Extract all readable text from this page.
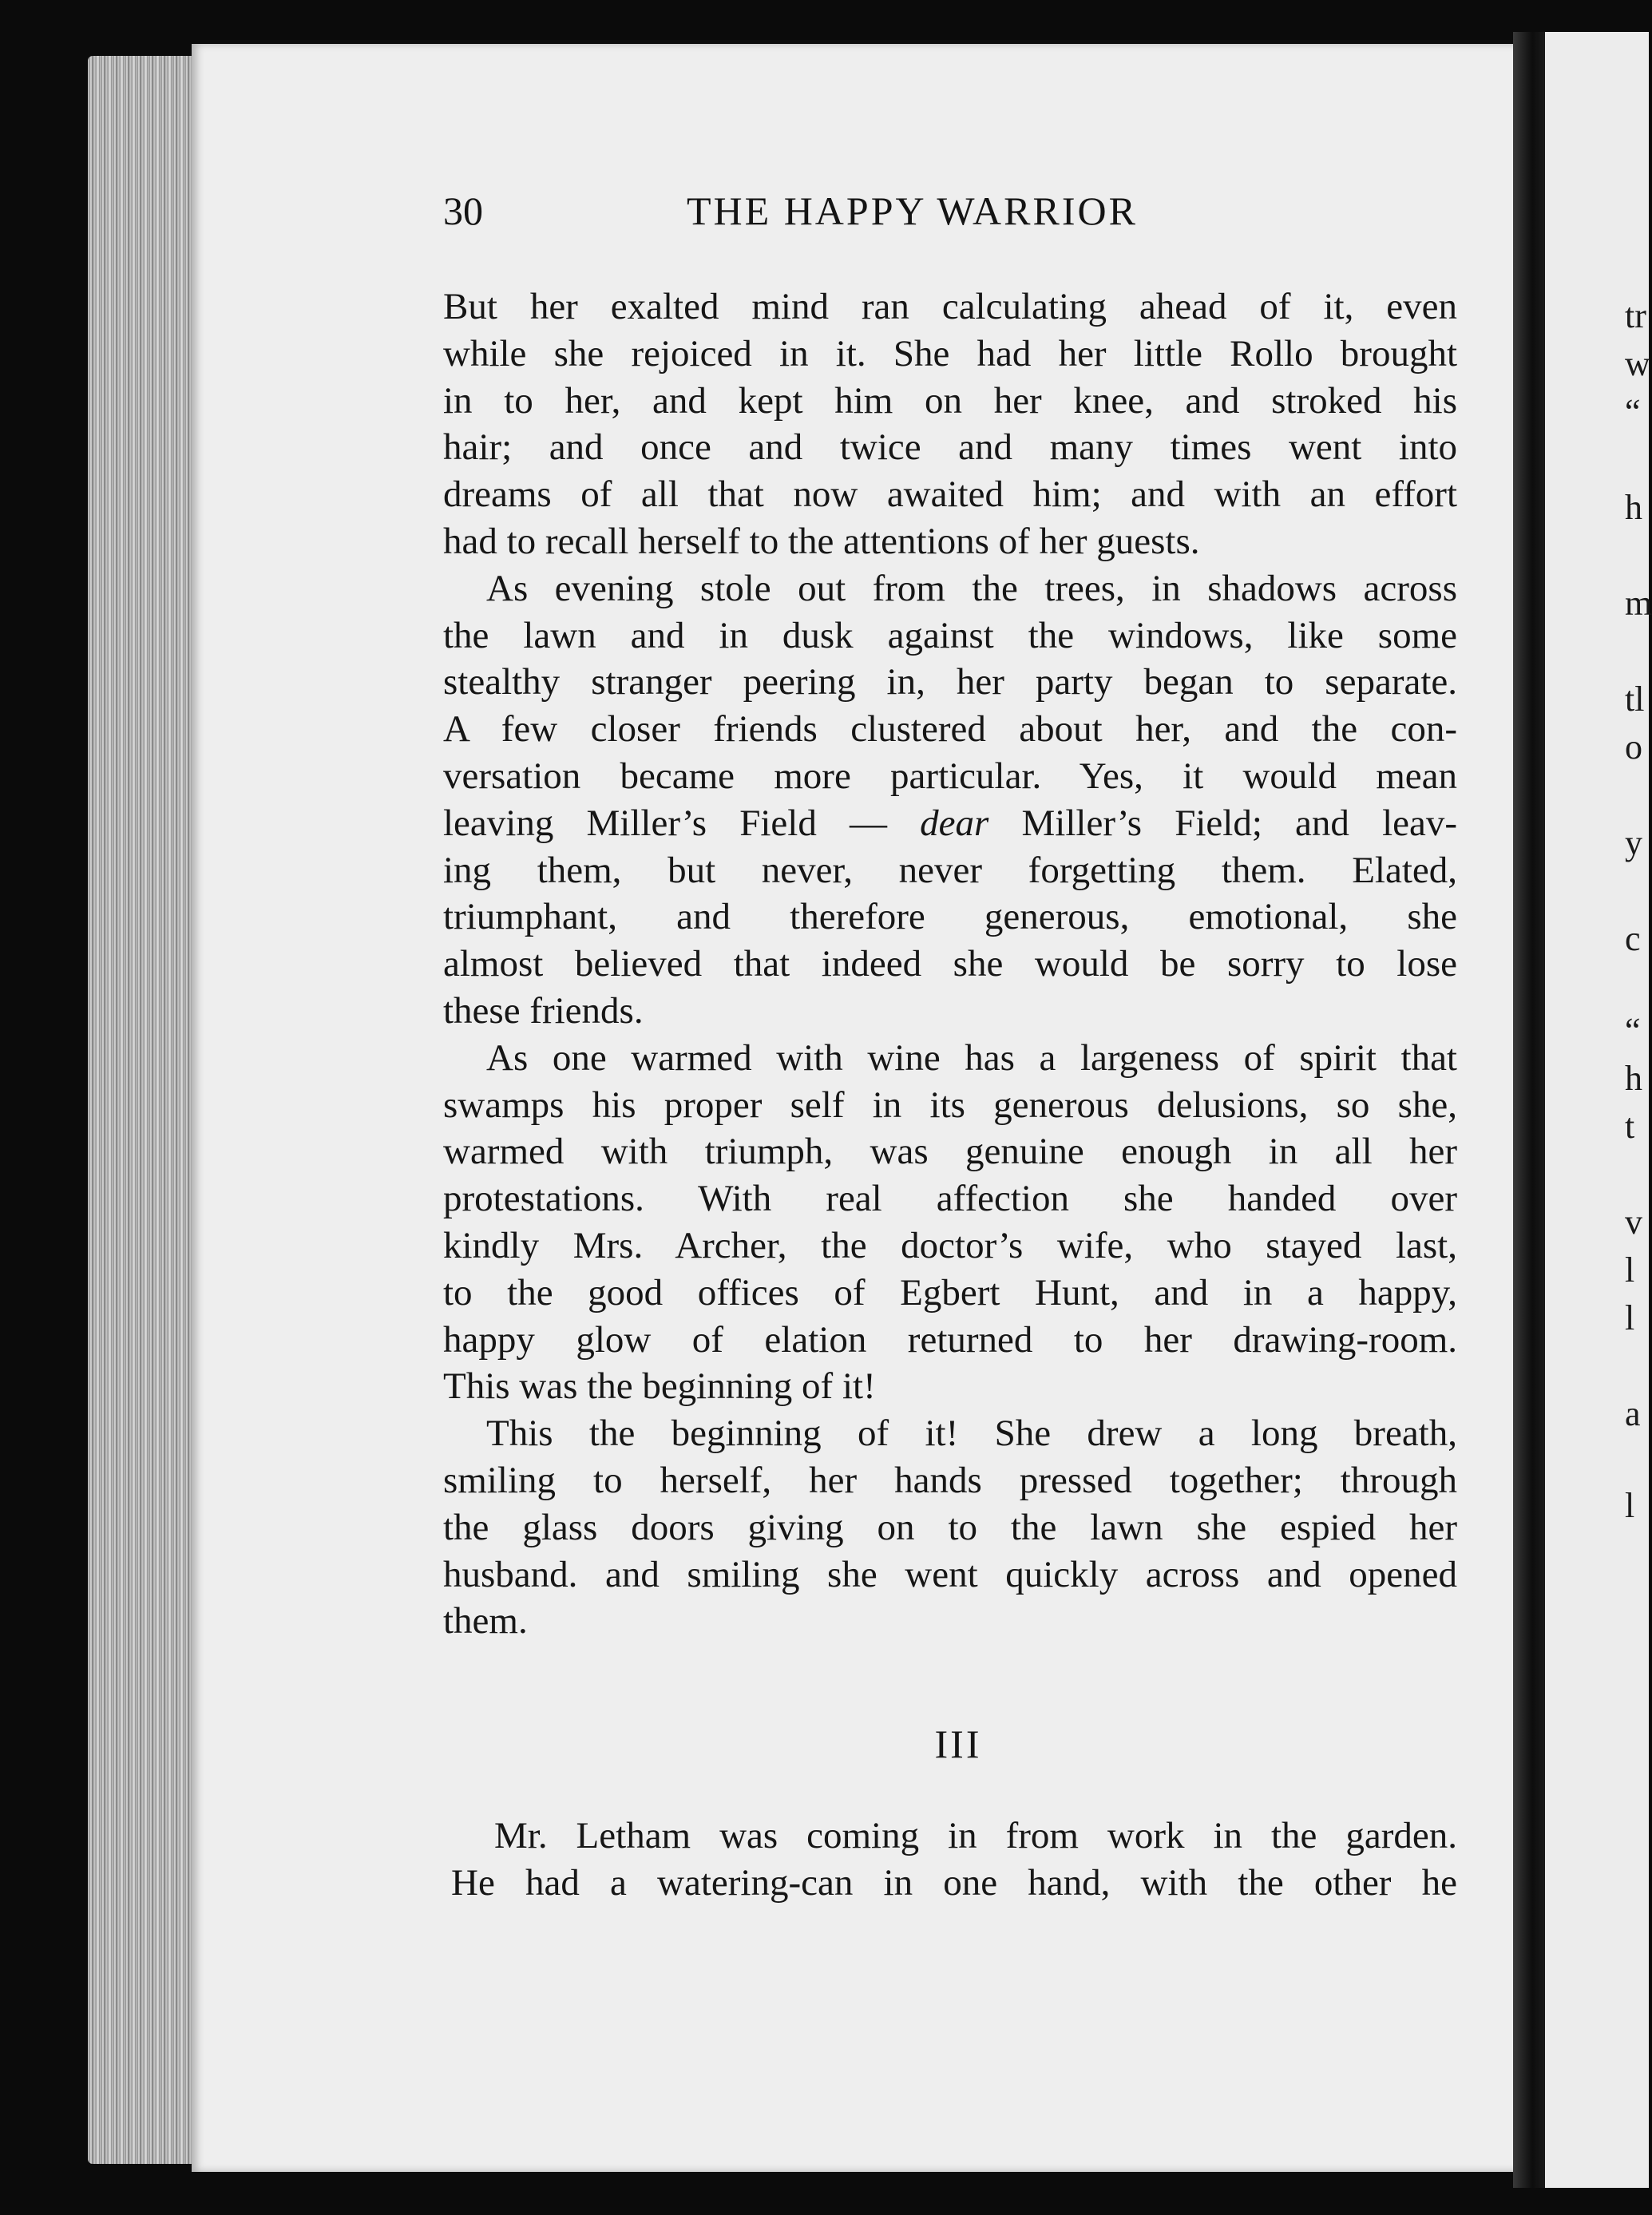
tr
w
“
h
m
tl
o
y
c
“
h
t
v
l
l
a
l
30	THE HAPPY WARRIOR

But her exalted mind ran calculating ahead of it, even
while she rejoiced in it. She had her little Rollo brought
in to her, and kept him on her knee, and stroked his
hair; and once and twice and many times went into
dreams of all that now awaited him; and with an effort
had to recall herself to the attentions of her guests.

As evening stole out from the trees, in shadows across
the lawn and in dusk against the windows, like some
stealthy stranger peering in, her party began to separate.
A few closer friends clustered about her, and the con-
versation became more particular. Yes, it would mean
leaving Miller’s Field — dear Miller’s Field; and leav-
ing them, but never, never forgetting them. Elated,
triumphant, and therefore generous, emotional, she
almost believed that indeed she would be sorry to lose
these friends.

As one warmed with wine has a largeness of spirit that
swamps his proper self in its generous delusions, so she,
warmed with triumph, was genuine enough in all her
protestations. With real affection she handed over
kindly Mrs. Archer, the doctor’s wife, who stayed last,
to the good offices of Egbert Hunt, and in a happy,
happy glow of elation returned to her drawing-room.
This was the beginning of it!

This the beginning of it! She drew a long breath,
smiling to herself, her hands pressed together; through
the glass doors giving on to the lawn she espied her
husband. and smiling she went quickly across and opened
them.

III

Mr. Letham was coming in from work in the garden.
He had a watering-can in one hand, with the other he
